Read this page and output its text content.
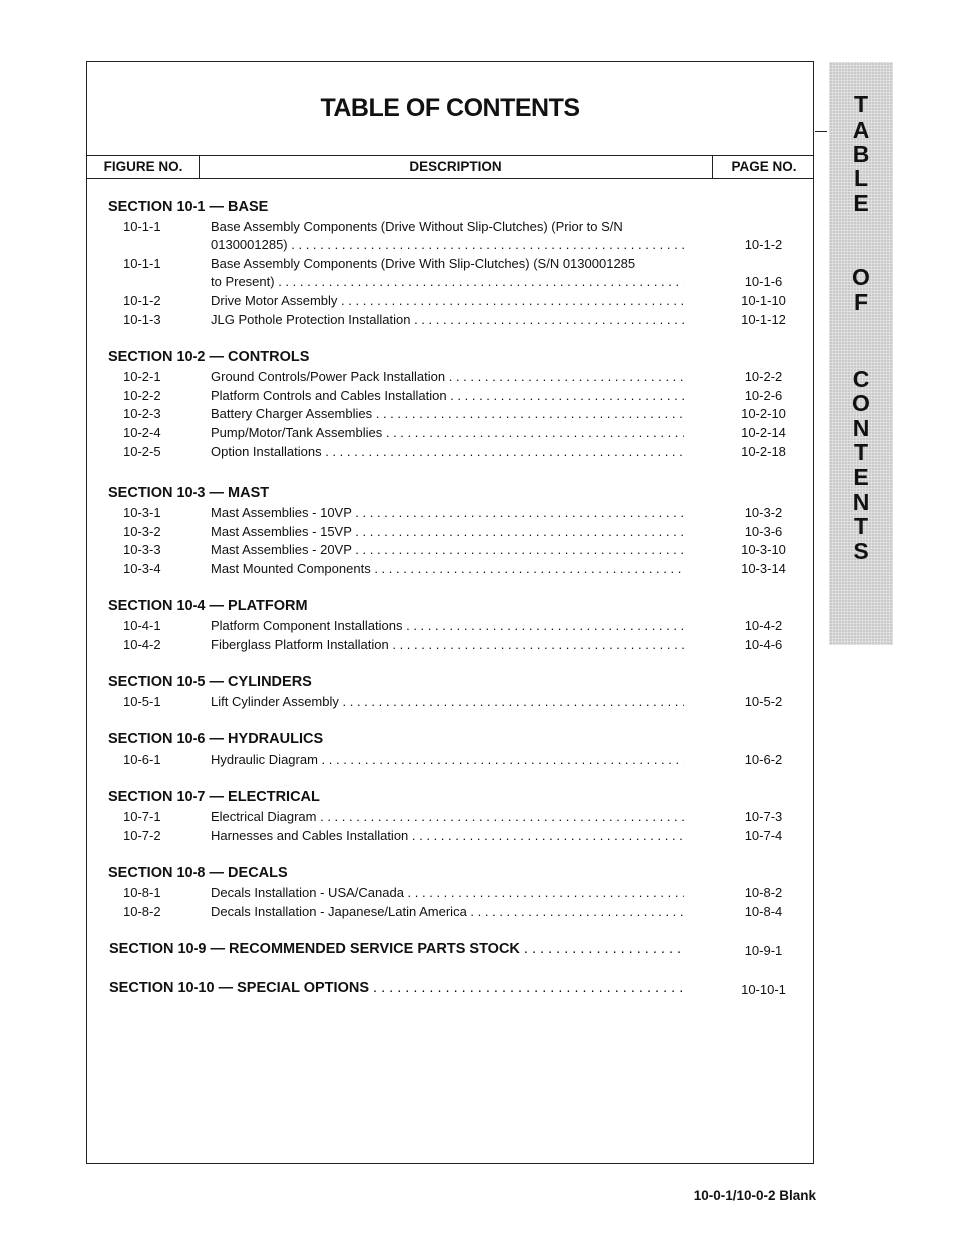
TABLE OF CONTENTS
FIGURE NO.	DESCRIPTION	PAGE NO.
SECTION 10-1 — BASE
10-1-1	Base Assembly Components (Drive Without Slip-Clutches) (Prior to S/N
0130001285) . . .	10-1-2
10-1-1	Base Assembly Components (Drive With Slip-Clutches) (S/N 0130001285
to Present) . . .	10-1-6
10-1-2	Drive Motor Assembly . . .	10-1-10
10-1-3	JLG Pothole Protection Installation . . .	10-1-12
SECTION 10-2 — CONTROLS
10-2-1	Ground Controls/Power Pack Installation . . .	10-2-2
10-2-2	Platform Controls and Cables Installation . . .	10-2-6
10-2-3	Battery Charger Assemblies . . .	10-2-10
10-2-4	Pump/Motor/Tank Assemblies . . .	10-2-14
10-2-5	Option Installations . . .	10-2-18
SECTION 10-3 — MAST
10-3-1	Mast Assemblies - 10VP . . .	10-3-2
10-3-2	Mast Assemblies - 15VP . . .	10-3-6
10-3-3	Mast Assemblies - 20VP . . .	10-3-10
10-3-4	Mast Mounted Components . . .	10-3-14
SECTION 10-4 — PLATFORM
10-4-1	Platform Component Installations . . .	10-4-2
10-4-2	Fiberglass Platform Installation . . .	10-4-6
SECTION 10-5 — CYLINDERS
10-5-1	Lift Cylinder Assembly . . .	10-5-2
SECTION 10-6 — HYDRAULICS
10-6-1	Hydraulic Diagram . . .	10-6-2
SECTION 10-7 — ELECTRICAL
10-7-1	Electrical Diagram . . .	10-7-3
10-7-2	Harnesses and Cables Installation . . .	10-7-4
SECTION 10-8 — DECALS
10-8-1	Decals Installation - USA/Canada . . .	10-8-2
10-8-2	Decals Installation - Japanese/Latin America . . .	10-8-4
SECTION 10-9 — RECOMMENDED SERVICE PARTS STOCK . . .	10-9-1
SECTION 10-10 — SPECIAL OPTIONS . . .	10-10-1
T
A
B
L
E
O
F
C
O
N
T
E
N
T
S
10-0-1/10-0-2 Blank
